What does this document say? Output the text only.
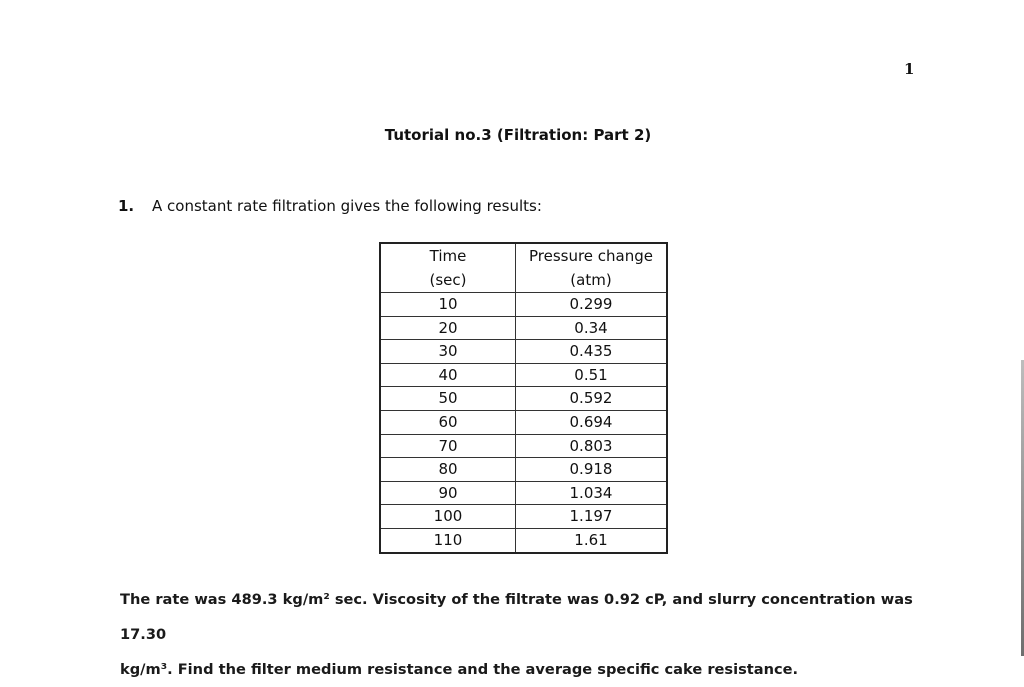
1
Tutorial no.3 (Filtration: Part 2)
1. A constant rate filtration gives the following results:
Time	Pressure change
(sec)	(atm)
10	0.299
20	0.34
30	0.435
40	0.51
50	0.592
60	0.694
70	0.803
80	0.918
90	1.034
100	1.197
110	1.61
The rate was 489.3 kg/m² sec. Viscosity of the filtrate was 0.92 cP, and slurry concentration was 17.30
kg/m³. Find the filter medium resistance and the average specific cake resistance.
